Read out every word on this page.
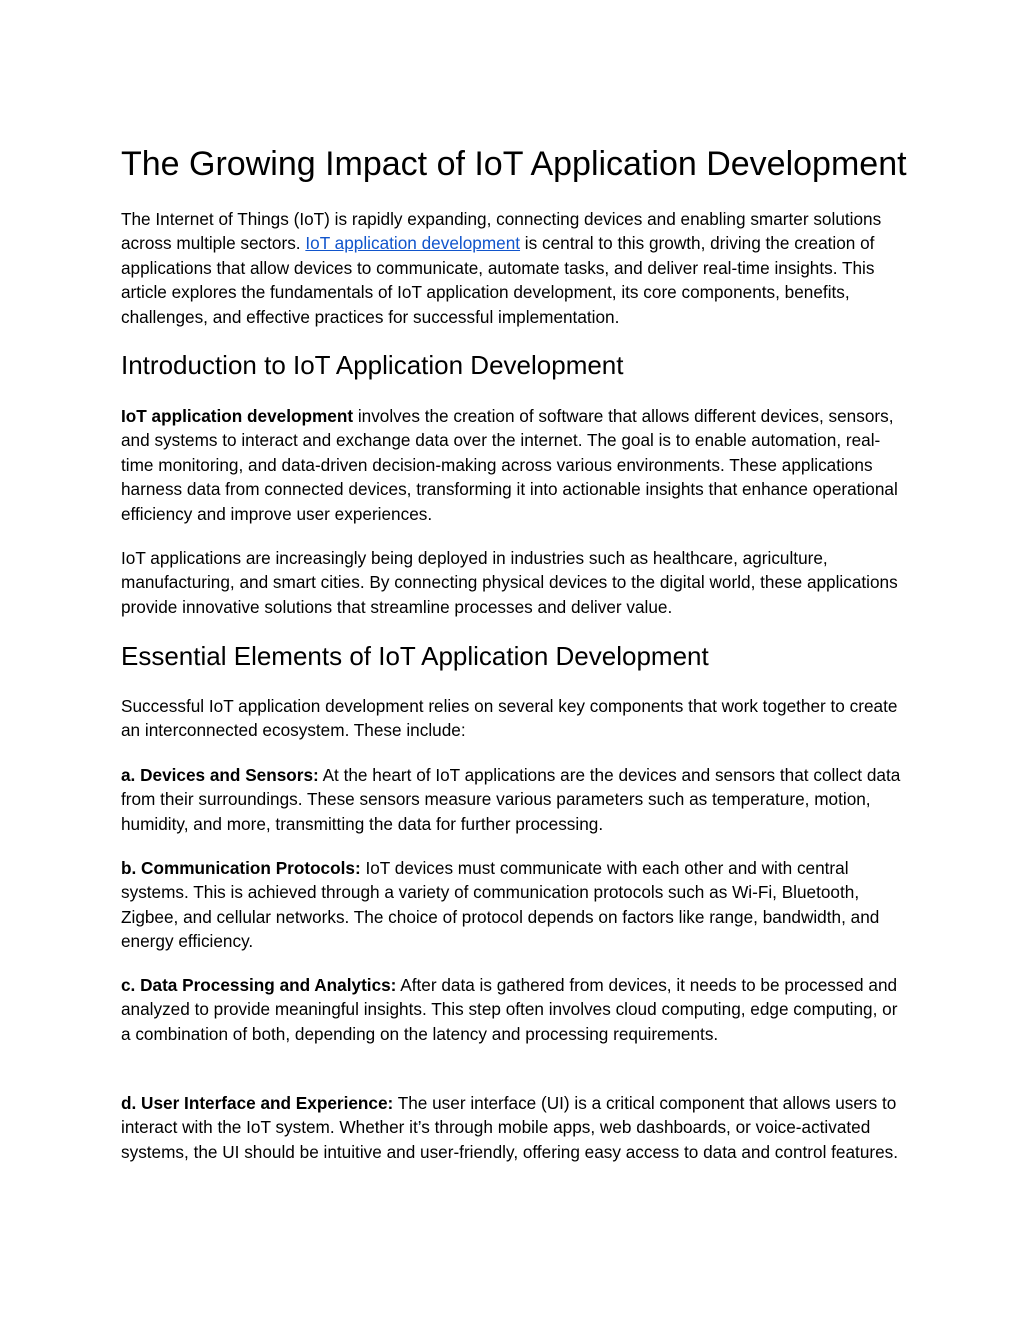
The Growing Impact of IoT Application Development

The Internet of Things (IoT) is rapidly expanding, connecting devices and enabling smarter solutions across multiple sectors. IoT application development is central to this growth, driving the creation of applications that allow devices to communicate, automate tasks, and deliver real-time insights. This article explores the fundamentals of IoT application development, its core components, benefits, challenges, and effective practices for successful implementation.

Introduction to IoT Application Development

IoT application development involves the creation of software that allows different devices, sensors, and systems to interact and exchange data over the internet. The goal is to enable automation, real-time monitoring, and data-driven decision-making across various environments. These applications harness data from connected devices, transforming it into actionable insights that enhance operational efficiency and improve user experiences.

IoT applications are increasingly being deployed in industries such as healthcare, agriculture, manufacturing, and smart cities. By connecting physical devices to the digital world, these applications provide innovative solutions that streamline processes and deliver value.

Essential Elements of IoT Application Development

Successful IoT application development relies on several key components that work together to create an interconnected ecosystem. These include:

a. Devices and Sensors: At the heart of IoT applications are the devices and sensors that collect data from their surroundings. These sensors measure various parameters such as temperature, motion, humidity, and more, transmitting the data for further processing.

b. Communication Protocols: IoT devices must communicate with each other and with central systems. This is achieved through a variety of communication protocols such as Wi-Fi, Bluetooth, Zigbee, and cellular networks. The choice of protocol depends on factors like range, bandwidth, and energy efficiency.

c. Data Processing and Analytics: After data is gathered from devices, it needs to be processed and analyzed to provide meaningful insights. This step often involves cloud computing, edge computing, or a combination of both, depending on the latency and processing requirements.

d. User Interface and Experience: The user interface (UI) is a critical component that allows users to interact with the IoT system. Whether it’s through mobile apps, web dashboards, or voice-activated systems, the UI should be intuitive and user-friendly, offering easy access to data and control features.
